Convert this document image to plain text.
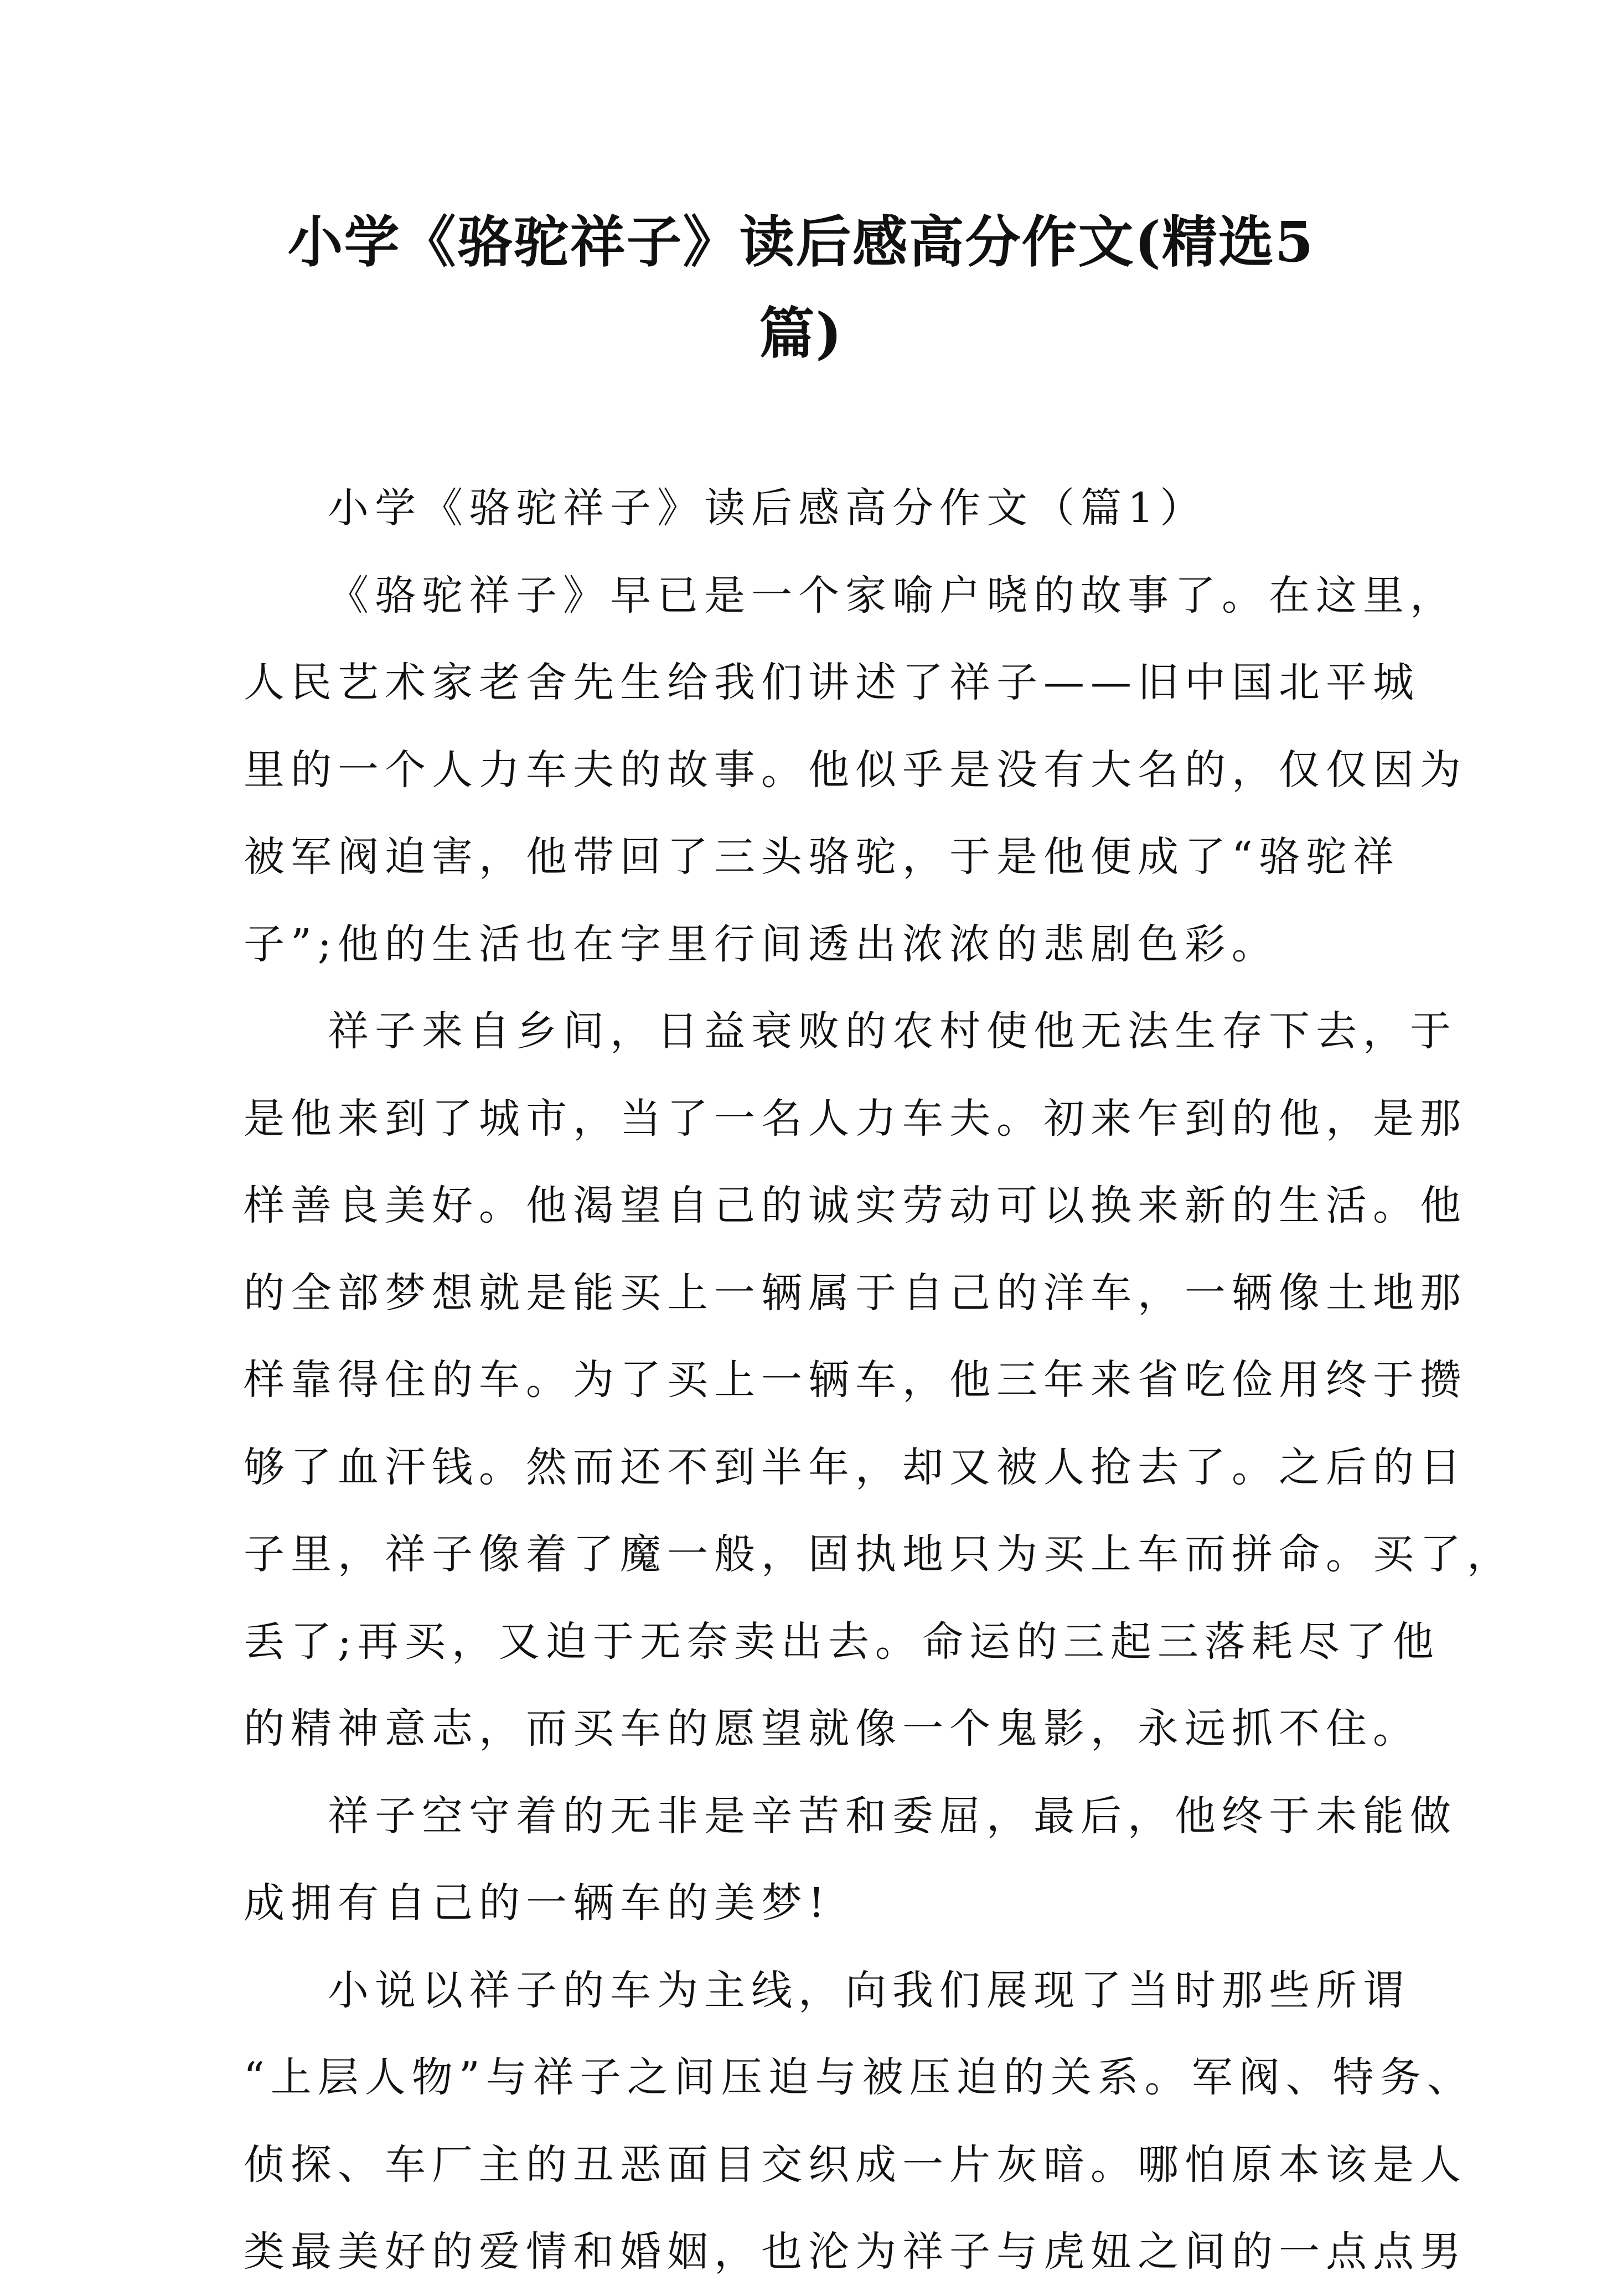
小学《骆驼祥子》读后感高分作文(精选5
篇)

小学《骆驼祥子》读后感高分作文（篇1）

《骆驼祥子》早已是一个家喻户晓的故事了。在这里，
人民艺术家老舍先生给我们讲述了祥子——旧中国北平城
里的一个人力车夫的故事。他似乎是没有大名的，仅仅因为
被军阀迫害，他带回了三头骆驼，于是他便成了“骆驼祥
子”;他的生活也在字里行间透出浓浓的悲剧色彩。

祥子来自乡间，日益衰败的农村使他无法生存下去，于
是他来到了城市，当了一名人力车夫。初来乍到的他，是那
样善良美好。他渴望自己的诚实劳动可以换来新的生活。他
的全部梦想就是能买上一辆属于自己的洋车，一辆像土地那
样靠得住的车。为了买上一辆车，他三年来省吃俭用终于攒
够了血汗钱。然而还不到半年，却又被人抢去了。之后的日
子里，祥子像着了魔一般，固执地只为买上车而拼命。买了，
丢了;再买，又迫于无奈卖出去。命运的三起三落耗尽了他
的精神意志，而买车的愿望就像一个鬼影，永远抓不住。

祥子空守着的无非是辛苦和委屈，最后，他终于未能做
成拥有自己的一辆车的美梦!

小说以祥子的车为主线，向我们展现了当时那些所谓
“上层人物”与祥子之间压迫与被压迫的关系。军阀、特务、
侦探、车厂主的丑恶面目交织成一片灰暗。哪怕原本该是人
类最美好的爱情和婚姻，也沦为祥子与虎妞之间的一点点男
